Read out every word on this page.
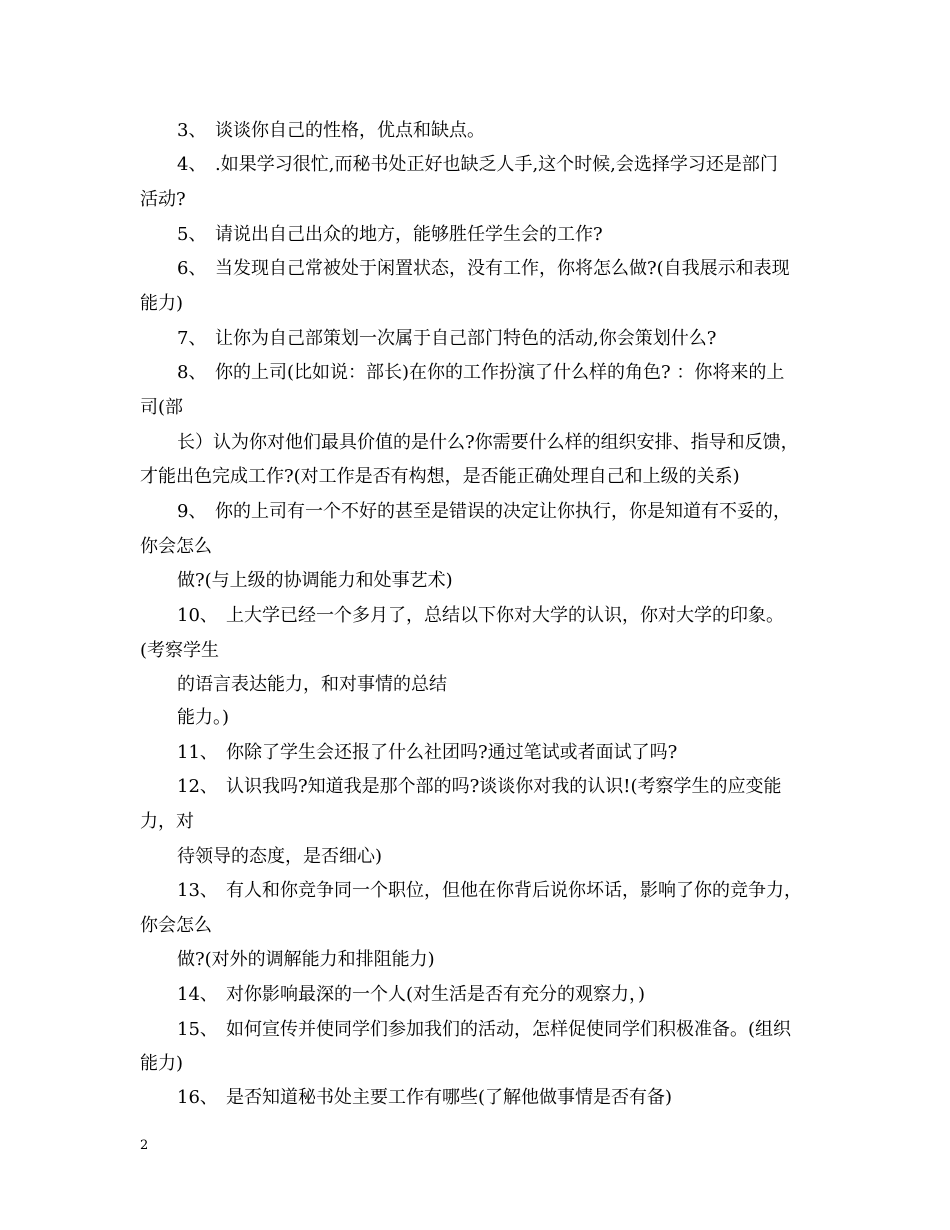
3、 谈谈你自己的性格，优点和缺点。
4、 .如果学习很忙,而秘书处正好也缺乏人手,这个时候,会选择学习还是部门
活动?
5、 请说出自己出众的地方，能够胜任学生会的工作?
6、 当发现自己常被处于闲置状态，没有工作，你将怎么做?(自我展示和表现
能力)
7、 让你为自己部策划一次属于自己部门特色的活动,你会策划什么?
8、 你的上司(比如说：部长)在你的工作扮演了什么样的角色? ：你将来的上
司(部
长）认为你对他们最具价值的是什么?你需要什么样的组织安排、指导和反馈，
才能出色完成工作?(对工作是否有构想，是否能正确处理自己和上级的关系)
9、 你的上司有一个不好的甚至是错误的决定让你执行，你是知道有不妥的，
你会怎么
做?(与上级的协调能力和处事艺术)
10、 上大学已经一个多月了，总结以下你对大学的认识，你对大学的印象。
(考察学生
的语言表达能力，和对事情的总结
能力。)
11、 你除了学生会还报了什么社团吗?通过笔试或者面试了吗?
12、 认识我吗?知道我是那个部的吗?谈谈你对我的认识!(考察学生的应变能
力，对
待领导的态度，是否细心)
13、 有人和你竞争同一个职位，但他在你背后说你坏话，影响了你的竞争力，
你会怎么
做?(对外的调解能力和排阻能力)
14、 对你影响最深的一个人(对生活是否有充分的观察力，)
15、 如何宣传并使同学们参加我们的活动，怎样促使同学们积极准备。(组织
能力)
16、 是否知道秘书处主要工作有哪些(了解他做事情是否有备)
2
